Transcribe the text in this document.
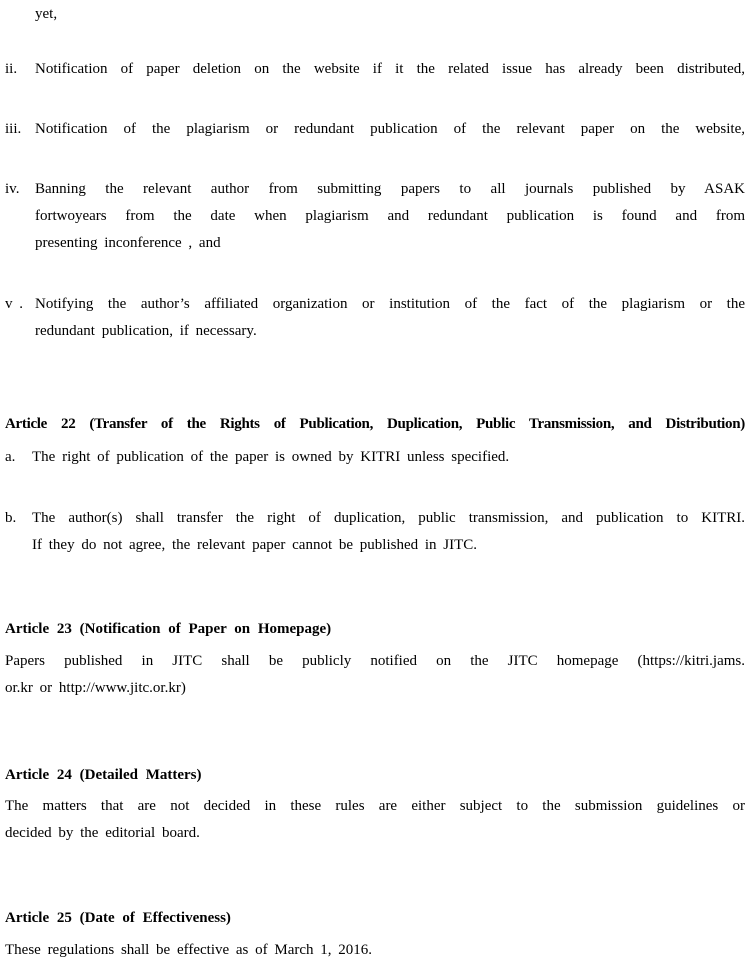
yet,
ii. Notification of paper deletion on the website if it the related issue has already been distributed,
iii. Notification of the plagiarism or redundant publication of the relevant paper on the website,
iv. Banning the relevant author from submitting papers to all journals published by ASAK
fortwoyears from the date when plagiarism and redundant publication is found and from
presenting inconference , and
v . Notifying the author’s affiliated organization or institution of the fact of the plagiarism or the
redundant publication, if necessary.
Article 22 (Transfer of the Rights of Publication, Duplication, Public Transmission, and Distribution)
a. The right of publication of the paper is owned by KITRI unless specified.
b. The author(s) shall transfer the right of duplication, public transmission, and publication to KITRI.
If they do not agree, the relevant paper cannot be published in JITC.
Article 23 (Notification of Paper on Homepage)
Papers published in JITC shall be publicly notified on the JITC homepage (https://kitri.jams.
or.kr or http://www.jitc.or.kr)
Article 24 (Detailed Matters)
The matters that are not decided in these rules are either subject to the submission guidelines or
decided by the editorial board.
Article 25 (Date of Effectiveness)
These regulations shall be effective as of March 1, 2016.
